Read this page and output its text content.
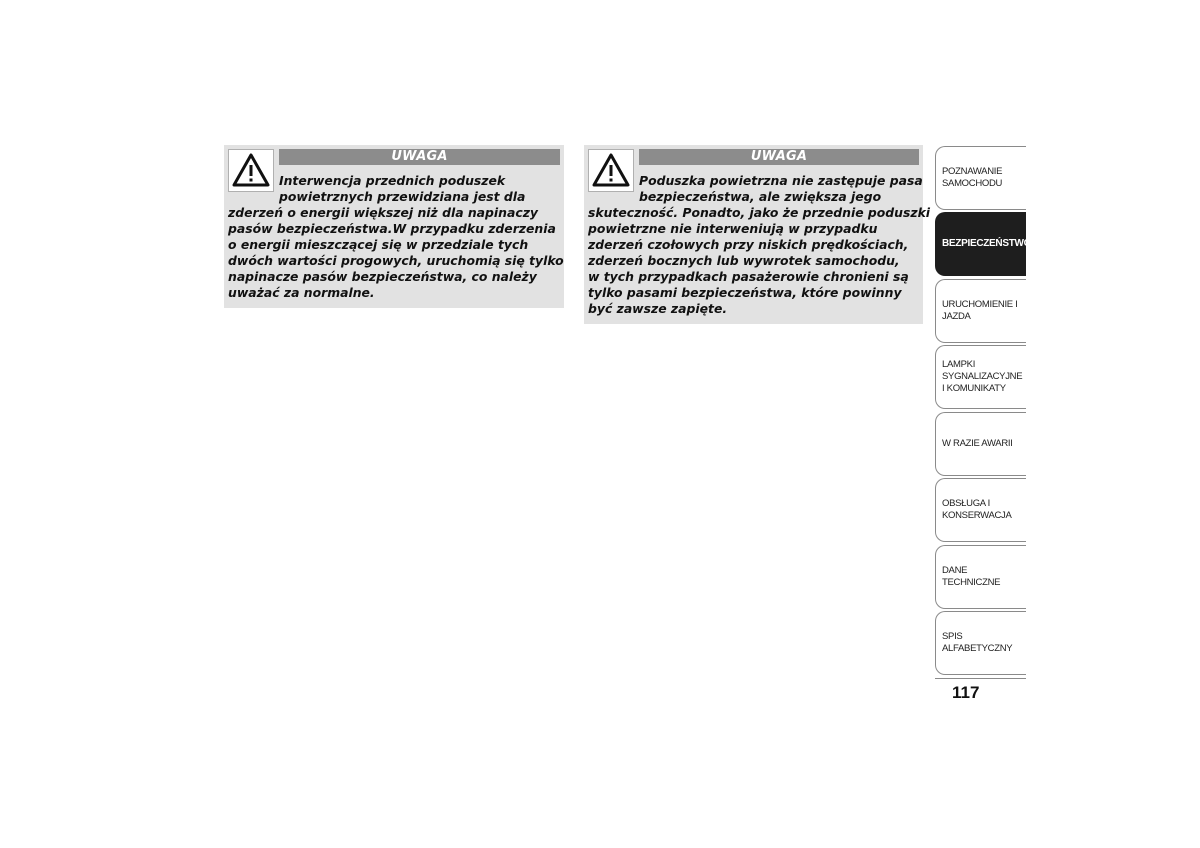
UWAGA
Interwencja przednich poduszek
powietrznych przewidziana jest dla
zderzeń o energii większej niż dla napinaczy
pasów bezpieczeństwa.W przypadku zderzenia
o energii mieszczącej się w przedziale tych
dwóch wartości progowych, uruchomią się tylko
napinacze pasów bezpieczeństwa, co należy
uważać za normalne.
UWAGA
Poduszka powietrzna nie zastępuje pasa
bezpieczeństwa, ale zwiększa jego
skuteczność. Ponadto, jako że przednie poduszki
powietrzne nie interweniują w przypadku
zderzeń czołowych przy niskich prędkościach,
zderzeń bocznych lub wywrotek samochodu,
w tych przypadkach pasażerowie chronieni są
tylko pasami bezpieczeństwa, które powinny
być zawsze zapięte.
POZNAWANIE SAMOCHODU
BEZPIECZEŃSTWO
URUCHOMIENIE I JAZDA
LAMPKI SYGNALIZACYJNE I KOMUNIKATY
W RAZIE AWARII
OBSŁUGA I KONSERWACJA
DANE TECHNICZNE
SPIS ALFABETYCZNY
117
